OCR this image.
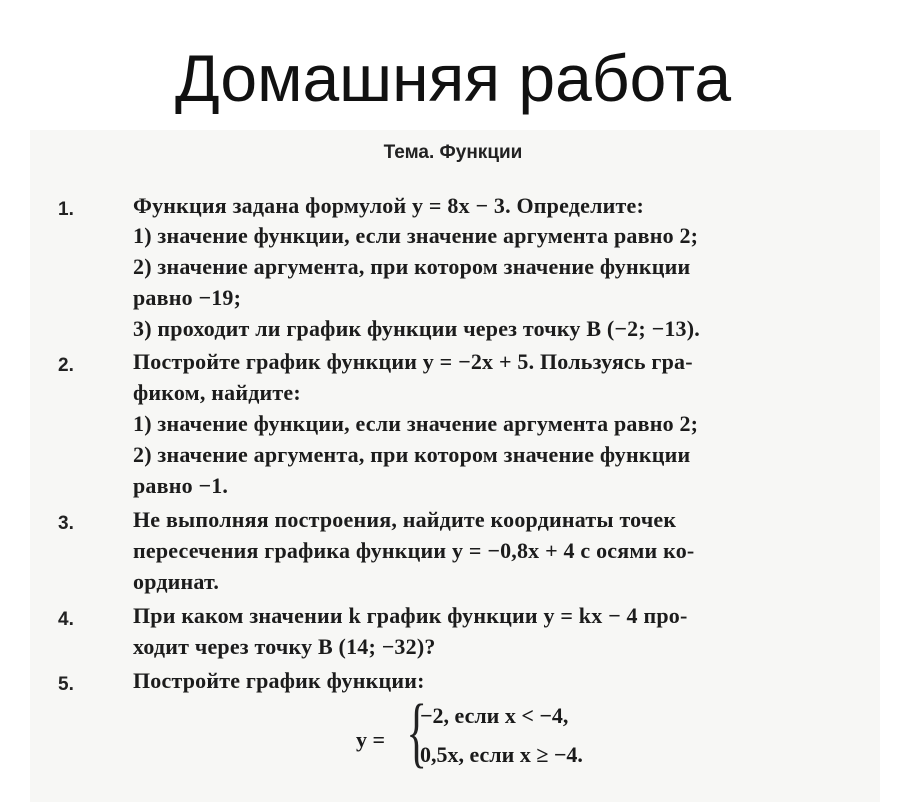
Домашняя работа
Тема. Функции
1.	Функция задана формулой y = 8x − 3. Определите:
1) значение функции, если значение аргумента равно 2;
2) значение аргумента, при котором значение функции
равно −19;
3) проходит ли график функции через точку B (−2; −13).
2.	Постройте график функции y = −2x + 5. Пользуясь гра-
фиком, найдите:
1) значение функции, если значение аргумента равно 2;
2) значение аргумента, при котором значение функции
равно −1.
3.	Не выполняя построения, найдите координаты точек
пересечения графика функции y = −0,8x + 4 с осями ко-
ординат.
4.	При каком значении k график функции y = kx − 4 про-
ходит через точку B (14; −32)?
5.	Постройте график функции:
y = {
−2, если x < −4,
0,5x, если x ≥ −4.
